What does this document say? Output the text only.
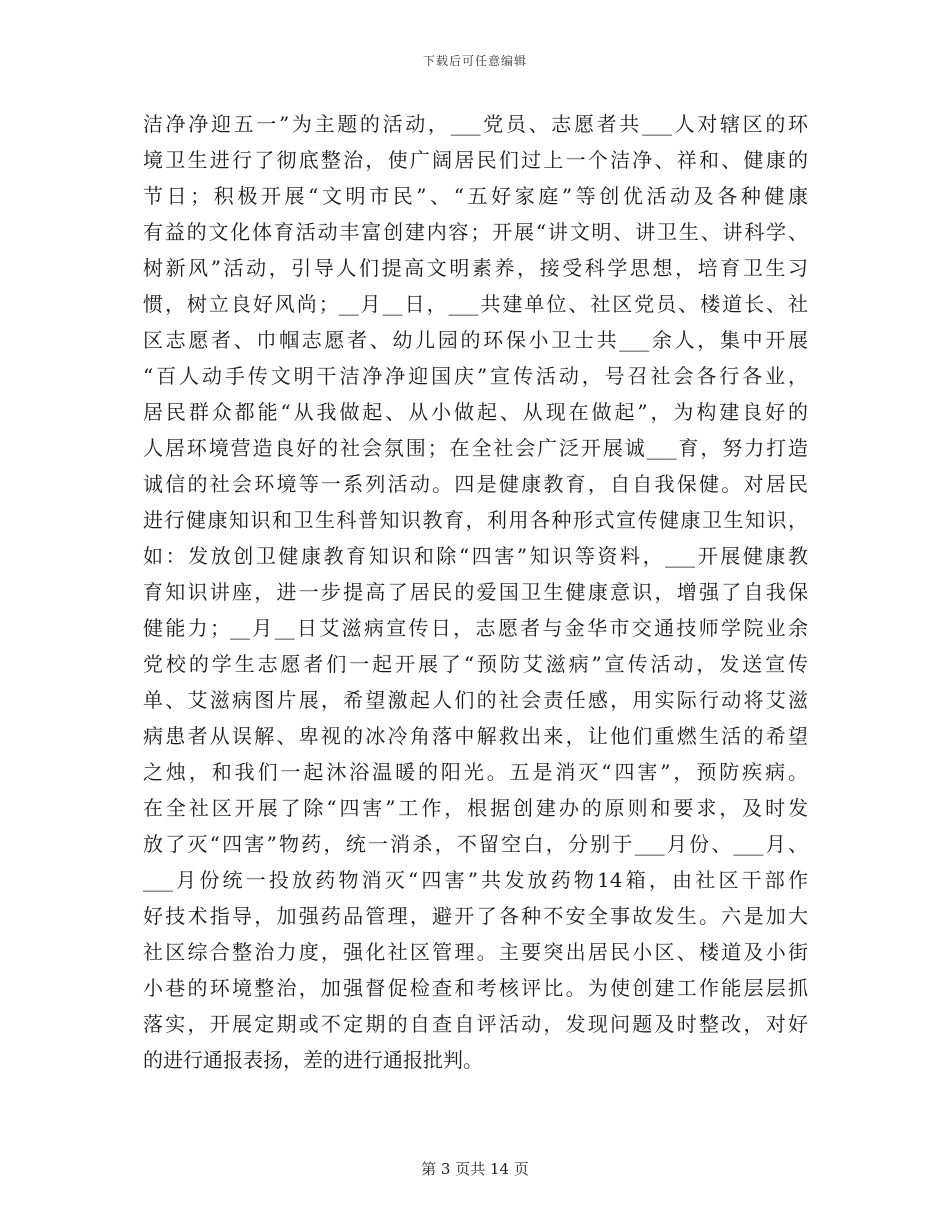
下载后可任意编辑
洁净净迎五一”为主题的活动，___党员、志愿者共___人对辖区的环
境卫生进行了彻底整治，使广阔居民们过上一个洁净、祥和、健康的
节日；积极开展“文明市民”、“五好家庭”等创优活动及各种健康
有益的文化体育活动丰富创建内容；开展“讲文明、讲卫生、讲科学、
树新风”活动，引导人们提高文明素养，接受科学思想，培育卫生习
惯，树立良好风尚；__月__日，___共建单位、社区党员、楼道长、社
区志愿者、巾帼志愿者、幼儿园的环保小卫士共___余人，集中开展
“百人动手传文明干洁净净迎国庆”宣传活动，号召社会各行各业，
居民群众都能“从我做起、从小做起、从现在做起”，为构建良好的
人居环境营造良好的社会氛围；在全社会广泛开展诚___育，努力打造
诚信的社会环境等一系列活动。四是健康教育，自自我保健。对居民
进行健康知识和卫生科普知识教育，利用各种形式宣传健康卫生知识，
如：发放创卫健康教育知识和除“四害”知识等资料，___开展健康教
育知识讲座，进一步提高了居民的爱国卫生健康意识，增强了自我保
健能力；__月__日艾滋病宣传日，志愿者与金华市交通技师学院业余
党校的学生志愿者们一起开展了“预防艾滋病”宣传活动，发送宣传
单、艾滋病图片展，希望激起人们的社会责任感，用实际行动将艾滋
病患者从误解、卑视的冰冷角落中解救出来，让他们重燃生活的希望
之烛，和我们一起沐浴温暖的阳光。五是消灭“四害”，预防疾病。
在全社区开展了除“四害”工作，根据创建办的原则和要求，及时发
放了灭“四害”物药，统一消杀，不留空白，分别于___月份、___月、
___月份统一投放药物消灭“四害”共发放药物14箱，由社区干部作
好技术指导，加强药品管理，避开了各种不安全事故发生。六是加大
社区综合整治力度，强化社区管理。主要突出居民小区、楼道及小街
小巷的环境整治，加强督促检查和考核评比。为使创建工作能层层抓
落实，开展定期或不定期的自查自评活动，发现问题及时整改，对好
的进行通报表扬，差的进行通报批判。
第 3 页共 14 页
